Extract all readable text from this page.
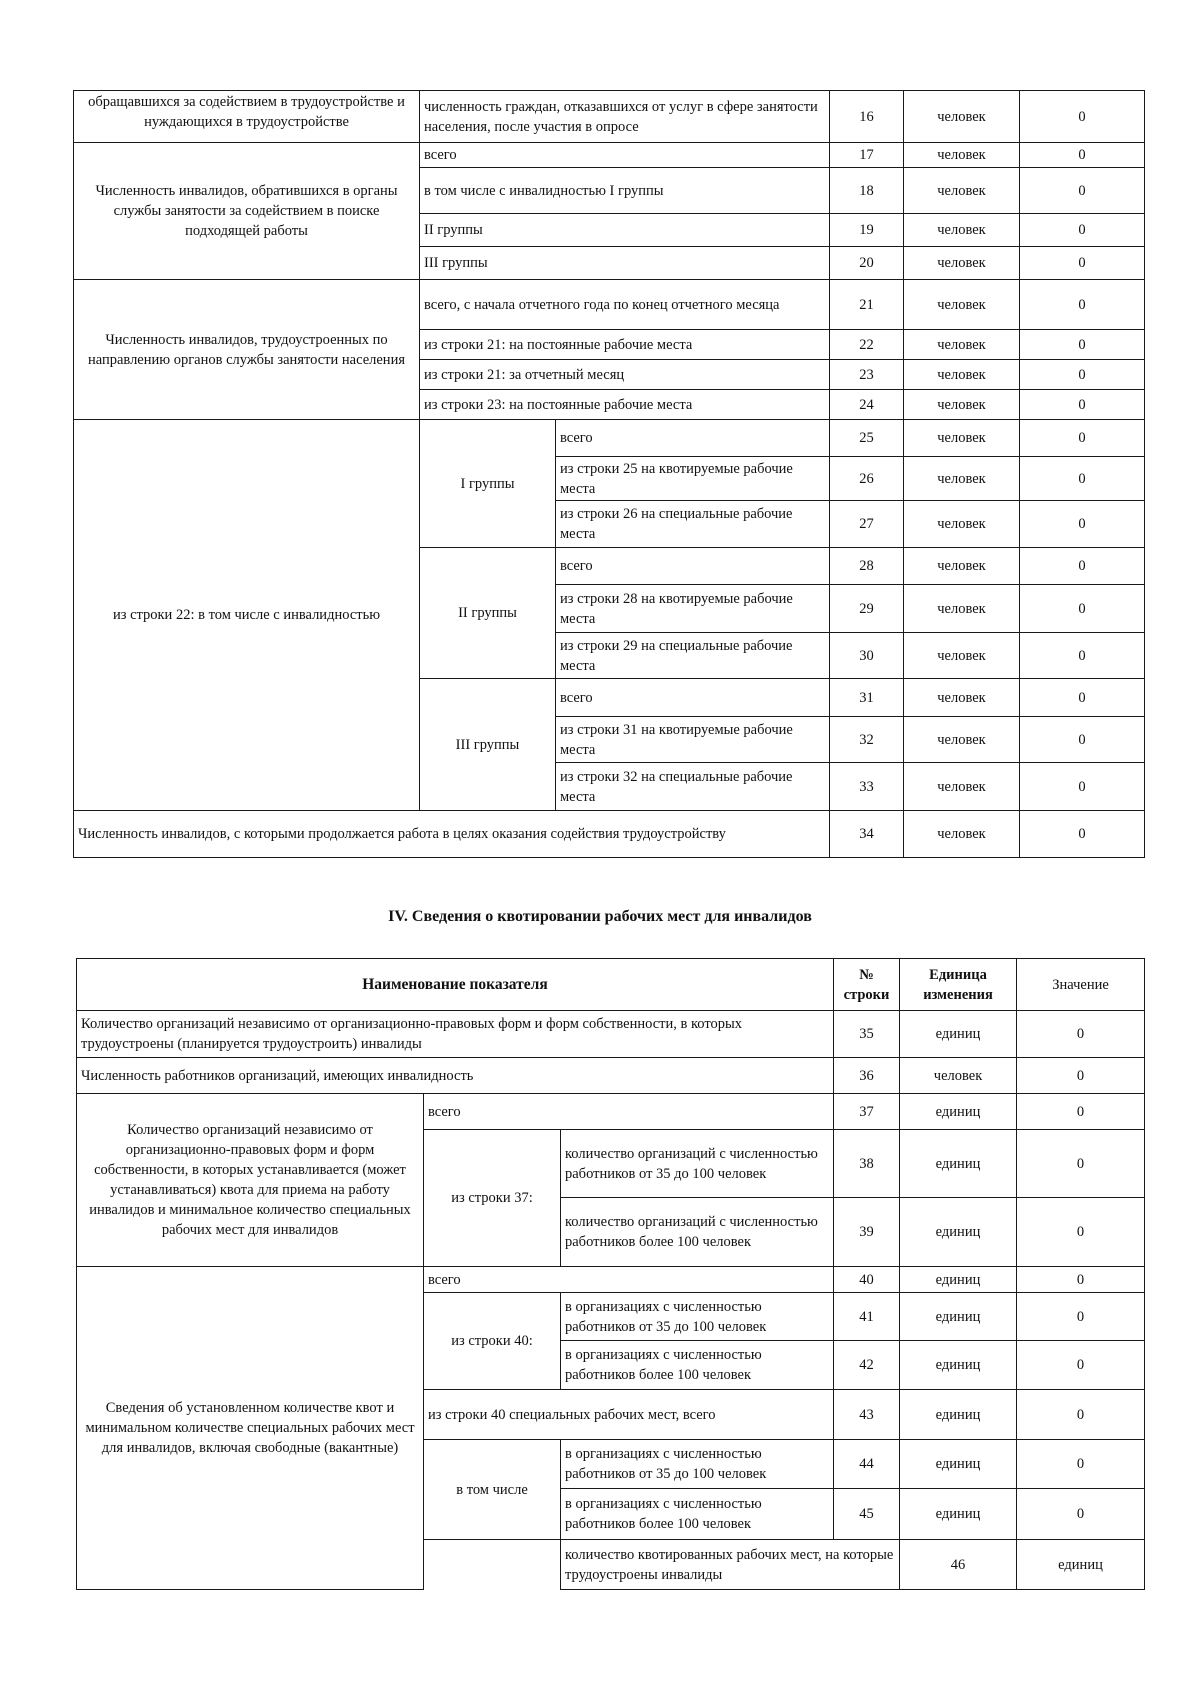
обращавшихся за содействием в трудоустройстве и нуждающихся в трудоустройстве	численность граждан, отказавшихся от услуг в сфере занятости населения, после участия в опросе		16	человек	0
Численность инвалидов, обратившихся в органы службы занятости за содействием в поиске подходящей работы	всего		17	человек	0
	в том числе с инвалидностью I группы		18	человек	0
	II группы		19	человек	0
	III группы		20	человек	0
Численность инвалидов, трудоустроенных по направлению органов службы занятости населения	всего, с начала отчетного года по конец отчетного месяца		21	человек	0
	из строки 21: на постоянные рабочие места		22	человек	0
	из строки 21: за отчетный месяц		23	человек	0
	из строки 23: на постоянные рабочие места		24	человек	0
из строки 22: в том числе с инвалидностью	I группы	всего	25	человек	0
		из строки 25 на квотируемые рабочие места	26	человек	0
		из строки 26 на специальные рабочие места	27	человек	0
	II группы	всего	28	человек	0
		из строки 28 на квотируемые рабочие места	29	человек	0
		из строки 29 на специальные рабочие места	30	человек	0
	III группы	всего	31	человек	0
		из строки 31 на квотируемые рабочие места	32	человек	0
		из строки 32 на специальные рабочие места	33	человек	0
Численность инвалидов, с которыми продолжается работа в целях оказания содействия трудоустройству			34	человек	0
IV. Сведения о квотировании рабочих мест для инвалидов
Наименование показателя			№ строки	Единица изменения	Значение	
Количество организаций независимо от организационно-правовых форм и форм собственности, в которых трудоустроены (планируется трудоустроить) инвалиды			35	единиц	0	
Численность работников организаций, имеющих инвалидность			36	человек	0	
Количество организаций независимо от организационно-правовых форм и форм собственности, в которых устанавливается (может устанавливаться) квота для приема на работу инвалидов и минимальное количество специальных рабочих мест для инвалидов	всего		37	единиц	0	
	из строки 37:	количество организаций с численностью работников от 35 до 100 человек	38	единиц	0	
		количество организаций с численностью работников более 100 человек	39	единиц	0	
Сведения об установленном количестве квот и минимальном количестве специальных рабочих мест для инвалидов, включая свободные (вакантные)	всего		40	единиц	0	
	из строки 40:	в организациях с численностью работников от 35 до 100 человек	41	единиц	0	
		в организациях с численностью работников более 100 человек	42	единиц	0	
	из строки 40 специальных рабочих мест, всего		43	единиц	0	
	в том числе	в организациях с численностью работников от 35 до 100 человек	44	единиц	0	
		в организациях с численностью работников более 100 человек	45	единиц	0	
		количество квотированных рабочих мест, на которые трудоустроены инвалиды		46	единиц	
